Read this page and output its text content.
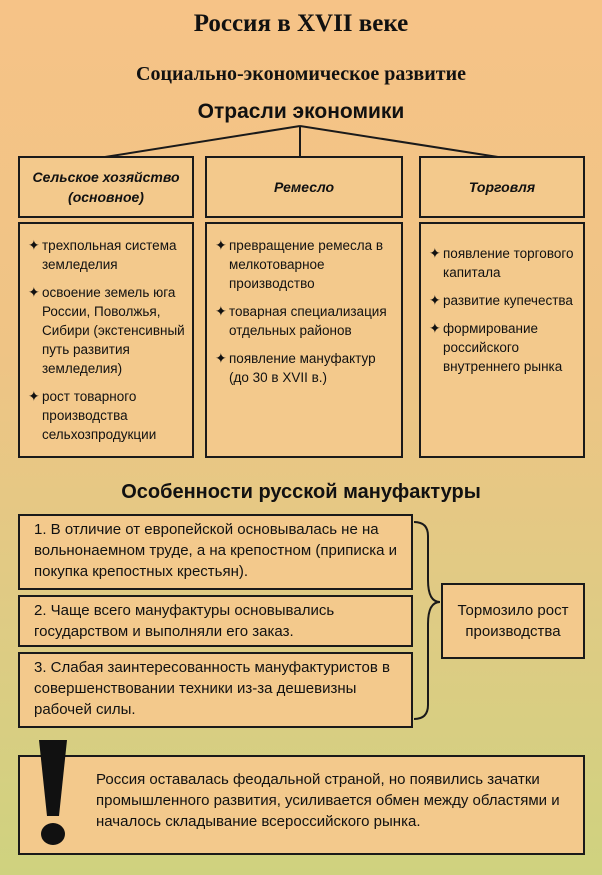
Россия в XVII веке
Социально-экономическое развитие
Отрасли экономики
Сельское хозяйство (основное)
Ремесло	Торговля
✦ трехпольная система земледелия
✦ освоение земель юга России, Поволжья, Сибири (экстенсивный путь развития земледелия)
✦ рост товарного производства сельхозпродукции
✦ превращение ремесла в мелкотоварное производство
✦ товарная специализация отдельных районов
✦ появление мануфактур (до 30 в XVII в.)
✦ появление торгового капитала
✦ развитие купечества
✦ формирование российского внутреннего рынка
Особенности русской мануфактуры
1. В отличие от европейской основывалась не на вольнонаемном труде, а на крепостном (приписка и покупка крепостных крестьян).
2. Чаще всего мануфактуры основывались государством и выполняли его заказ.
3. Слабая заинтересованность мануфактуристов в совершенствовании техники из-за дешевизны рабочей силы.
Тормозило рост производства
Россия оставалась феодальной страной, но появились зачатки промышленного развития, усиливается обмен между областями и началось складывание всероссийского рынка.
